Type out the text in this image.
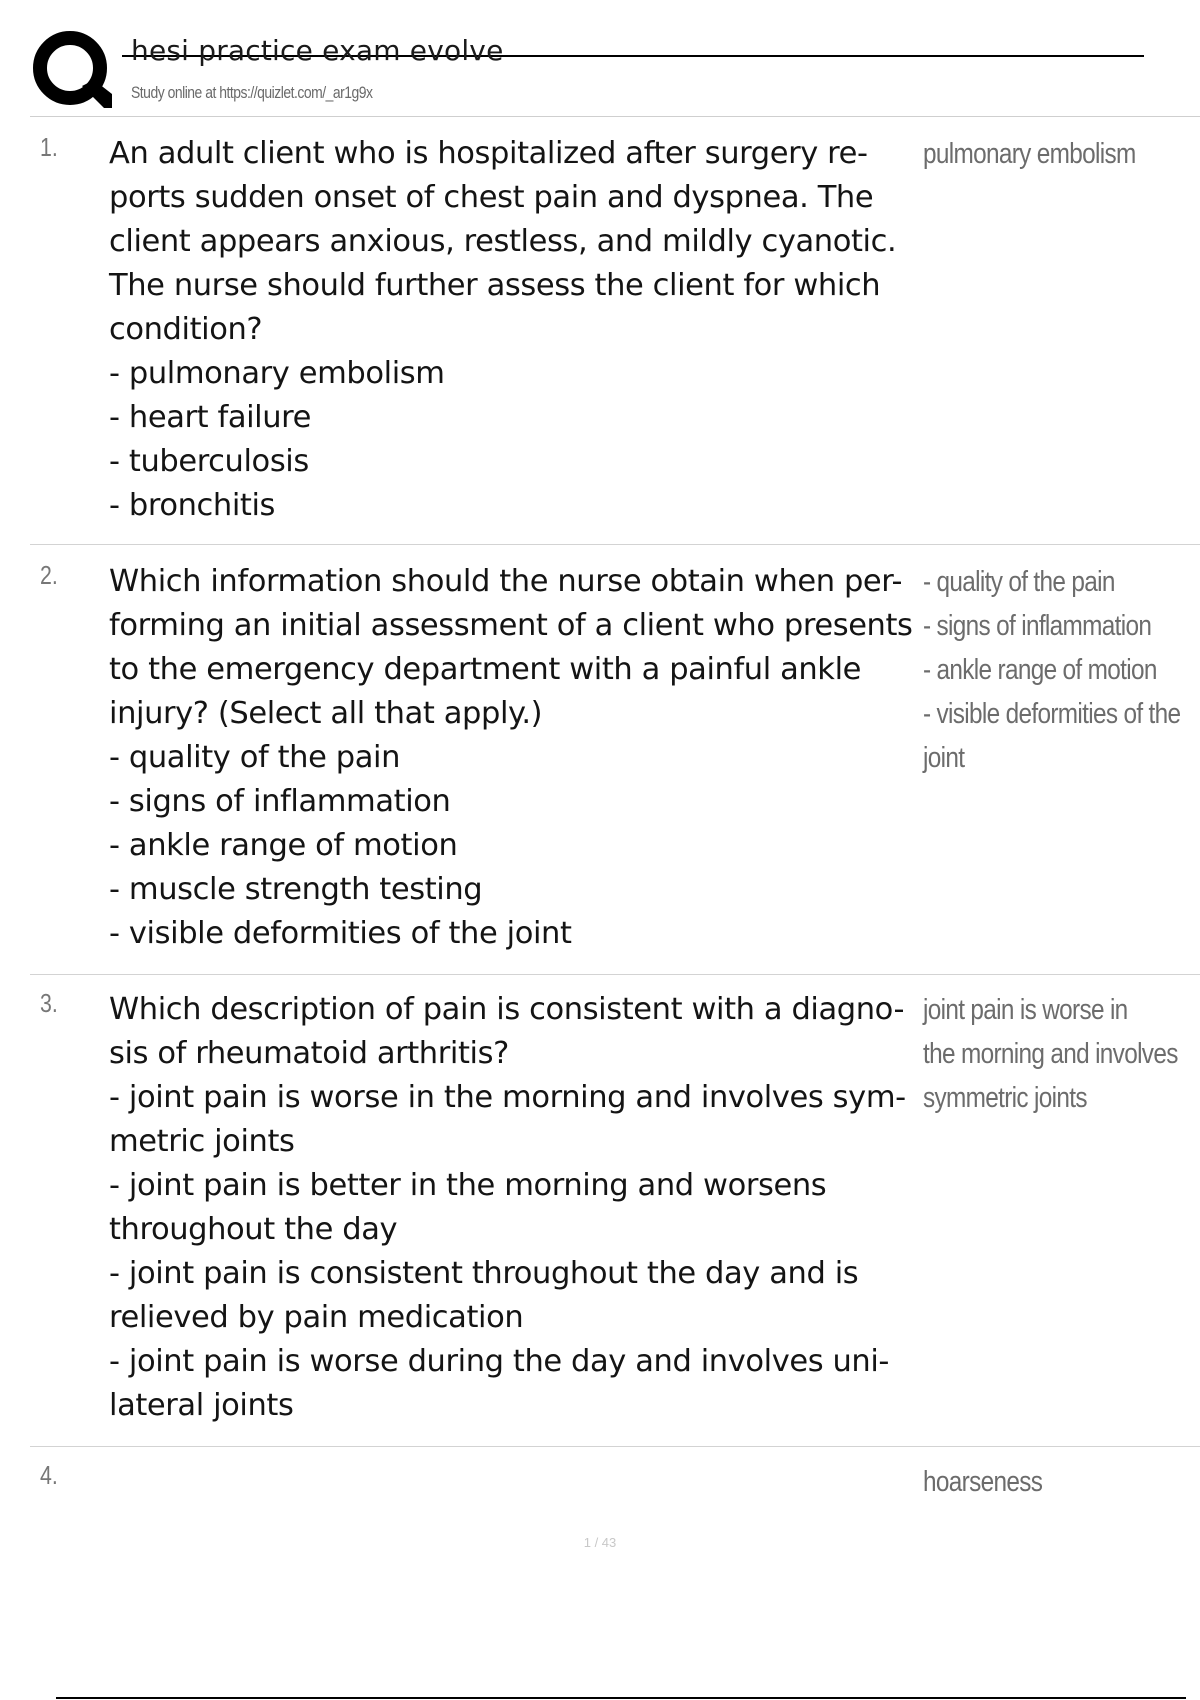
hesi practice exam evolve
Study online at https://quizlet.com/_ar1g9x
1. An adult client who is hospitalized after surgery re-
ports sudden onset of chest pain and dyspnea. The
client appears anxious, restless, and mildly cyanotic.
The nurse should further assess the client for which
condition?
- pulmonary embolism
- heart failure
- tuberculosis
- bronchitis
pulmonary embolism
2. Which information should the nurse obtain when per-
forming an initial assessment of a client who presents
to the emergency department with a painful ankle
injury? (Select all that apply.)
- quality of the pain
- signs of inflammation
- ankle range of motion
- muscle strength testing
- visible deformities of the joint
- quality of the pain
- signs of inflammation
- ankle range of motion
- visible deformities of the
joint
3. Which description of pain is consistent with a diagno-
sis of rheumatoid arthritis?
- joint pain is worse in the morning and involves sym-
metric joints
- joint pain is better in the morning and worsens
throughout the day
- joint pain is consistent throughout the day and is
relieved by pain medication
- joint pain is worse during the day and involves uni-
lateral joints
joint pain is worse in
the morning and involves
symmetric joints
4.	hoarseness
1 / 43
